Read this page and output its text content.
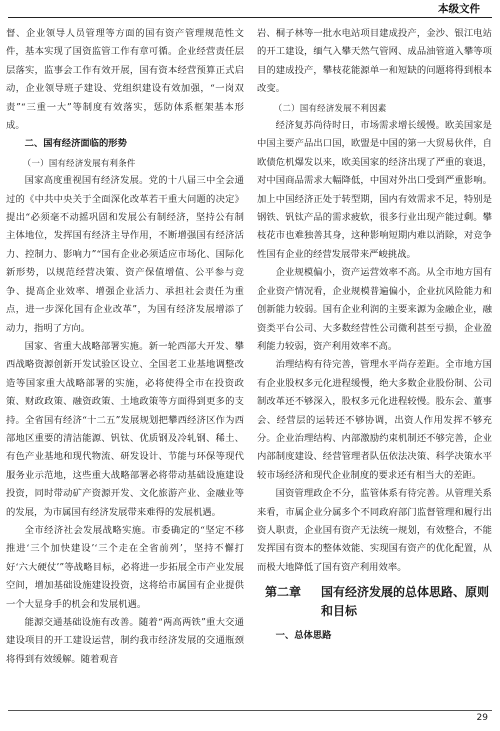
本级文件

督、企业领导人员管理等方面的国有资产管理规范性文件，基本实现了国资监管工作有章可循。企业经营责任层层落实，监事会工作有效开展，国有资本经营预算正式启动，企业领导班子建设、党组织建设有效加强，“一岗双责”“三重一大”等制度有效落实，惩防体系框架基本形成。

二、国有经济面临的形势

（一）国有经济发展有利条件

国家高度重视国有经济发展。党的十八届三中全会通过的《中共中央关于全面深化改革若干重大问题的决定》提出“必须毫不动摇巩固和发展公有制经济，坚持公有制主体地位，发挥国有经济主导作用，不断增强国有经济活力、控制力、影响力”“国有企业必须适应市场化、国际化新形势，以规范经营决策、资产保值增值、公平参与竞争、提高企业效率、增强企业活力、承担社会责任为重点，进一步深化国有企业改革”，为国有经济发展增添了动力，指明了方向。

国家、省重大战略部署实施。新一轮西部大开发、攀西战略资源创新开发试验区设立、全国老工业基地调整改造等国家重大战略部署的实施，必将使得全市在投资政策、财政政策、融资政策、土地政策等方面得到更多的支持。全省国有经济“十二五”发展规划把攀西经济区作为西部地区重要的清洁能源、钒钛、优质钢及冷轧钢、稀土、有色产业基地和现代物流、研发设计、节能与环保等现代服务业示范地，这些重大战略部署必将带动基础设施建设投资，同时带动矿产资源开发、文化旅游产业、金融业等的发展，为市属国有经济发展带来难得的发展机遇。

全市经济社会发展战略实施。市委确定的“坚定不移推进‘三个加快建设’‘三个走在全省前列’，坚持不懈打好‘六大硬仗’”等战略目标，必将进一步拓展全市产业发展空间，增加基础设施建设投资，这将给市属国有企业提供一个大显身手的机会和发展机遇。

能源交通基础设施有改善。随着“两高两铁”重大交通建设项目的开工建设运营，制约我市经济发展的交通瓶颈将得到有效缓解。随着观音

岩、桐子林等一批水电站项目建成投产，金沙、银江电站的开工建设，缅气入攀天然气管网、成品油管道入攀等项目的建成投产，攀枝花能源单一和短缺的问题将得到根本改变。

（二）国有经济发展不利因素

经济复苏尚待时日，市场需求增长缓慢。欧美国家是中国主要产品出口国，欧盟是中国的第一大贸易伙伴，自欧债危机爆发以来，欧美国家的经济出现了严重的衰退，对中国商品需求大幅降低，中国对外出口受到严重影响。加上中国经济正处于转型期，国内有效需求不足，特别是钢铁、钒钛产品的需求疲软，很多行业出现产能过剩。攀枝花市也难独善其身，这种影响短期内难以消除，对竞争性国有企业的经营发展带来严峻挑战。

企业规模偏小，资产运营效率不高。从全市地方国有企业资产情况看，企业规模普遍偏小，企业抗风险能力和创新能力较弱。国有企业利润的主要来源为金融企业，融资类平台公司、大多数经营性公司微利甚至亏损，企业盈利能力较弱，资产利用效率不高。

治理结构有待完善，管理水平尚存差距。全市地方国有企业股权多元化进程缓慢，绝大多数企业股份制、公司制改革还不够深入，股权多元化进程较慢。股东会、董事会、经营层的运转还不够协调，出资人作用发挥不够充分。企业治理结构、内部激励约束机制还不够完善，企业内部制度建设、经营管理者队伍依法决策、科学决策水平较市场经济和现代企业制度的要求还有相当大的差距。

国资管理政企不分，监管体系有待完善。从管理关系来看，市属企业分属多个不同政府部门监督管理和履行出资人职责，企业国有资产无法统一规划，有效整合，不能发挥国有资本的整体效能、实现国有资产的优化配置，从而极大地降低了国有资产利用效率。

第二章	国有经济发展的总体思路、原则和目标

一、总体思路

29
